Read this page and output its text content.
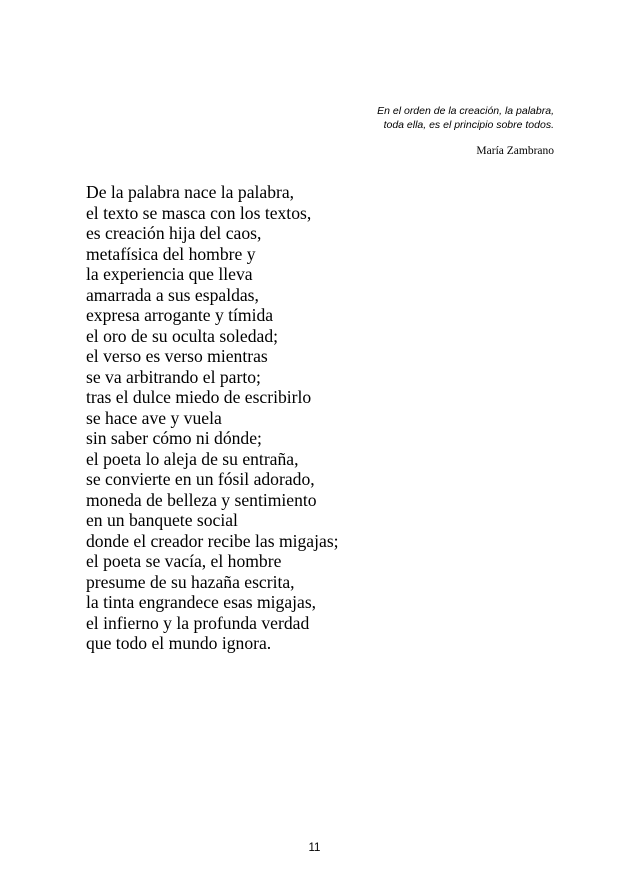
En el orden de la creación, la palabra,
toda ella, es el principio sobre todos.
María Zambrano
De la palabra nace la palabra,
el texto se masca con los textos,
es creación hija del caos,
metafísica del hombre y
la experiencia que lleva
amarrada a sus espaldas,
expresa arrogante y tímida
el oro de su oculta soledad;
el verso es verso mientras
se va arbitrando el parto;
tras el dulce miedo de escribirlo
se hace ave y vuela
sin saber cómo ni dónde;
el poeta lo aleja de su entraña,
se convierte en un fósil adorado,
moneda de belleza y sentimiento
en un banquete social
donde el creador recibe las migajas;
el poeta se vacía, el hombre
presume de su hazaña escrita,
la tinta engrandece esas migajas,
el infierno y la profunda verdad
que todo el mundo ignora.
11
